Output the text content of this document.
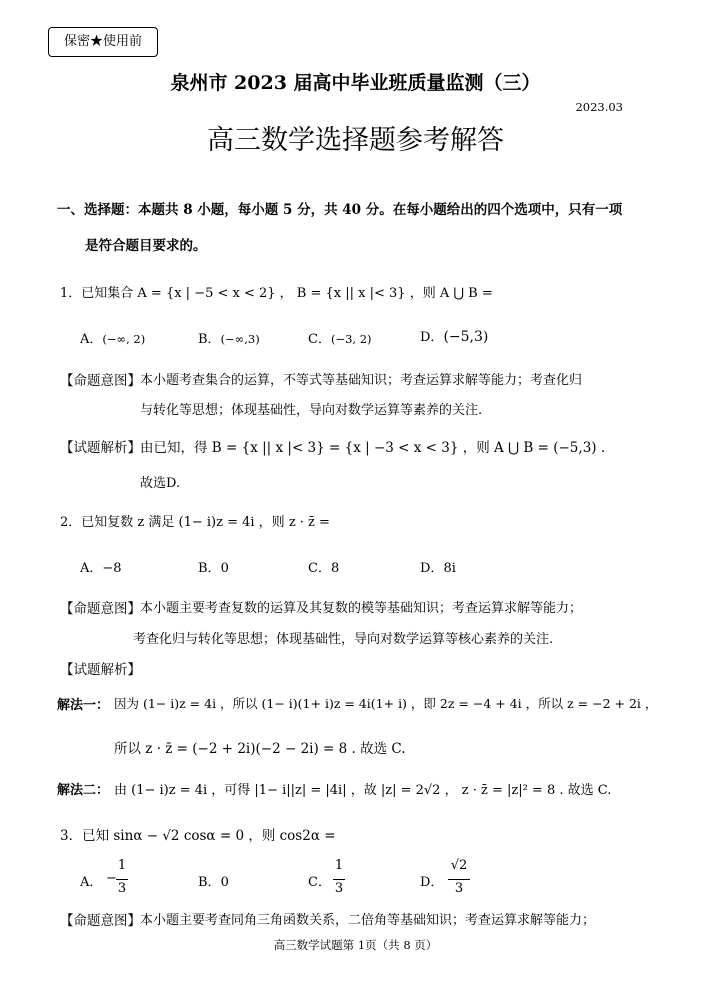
保密★使用前
泉州市 2023 届高中毕业班质量监测（三）
2023.03
高三数学选择题参考解答
一、选择题：本题共 8 小题，每小题 5 分，共 40 分。在每小题给出的四个选项中，只有一项
是符合题目要求的。
1．已知集合 A = {x | −5 < x < 2} ， B = {x || x |< 3} ，则 A ⋃ B =
A．(−∞, 2)	B．(−∞,3)	C．(−3, 2)	D．(−5,3)
【命题意图】 本小题考查集合的运算，不等式等基础知识；考查运算求解等能力；考查化归
与转化等思想；体现基础性，导向对数学运算等素养的关注.
【试题解析】 由已知，得 B = {x || x |< 3} = {x | −3 < x < 3} ，则 A ⋃ B = (−5,3) .
故选D.
2．已知复数 z 满足 (1− i)z = 4i ，则 z · z̄ =
A．−8	B．0	C．8	D．8i
【命题意图】 本小题主要考查复数的运算及其复数的模等基础知识；考查运算求解等能力；
考查化归与转化等思想；体现基础性，导向对数学运算等核心素养的关注.
【试题解析】
解法一： 因为 (1− i)z = 4i ，所以 (1− i)(1+ i)z = 4i(1+ i) ，即 2z = −4 + 4i ，所以 z = −2 + 2i ，
所以 z · z̄ = (−2 + 2i)(−2 − 2i) = 8 . 故选 C.
解法二： 由 (1− i)z = 4i ，可得 |1− i||z| = |4i| ，故 |z| = 2√2 ， z · z̄ = |z|² = 8 . 故选 C.
3．已知 sinα − √2 cosα = 0 ，则 cos2α =
A． −
1
3	B．0	C．
1
3	D．
√2
3
【命题意图】 本小题主要考查同角三角函数关系，二倍角等基础知识；考查运算求解等能力；
高三数学试题第 1页（共 8 页）
